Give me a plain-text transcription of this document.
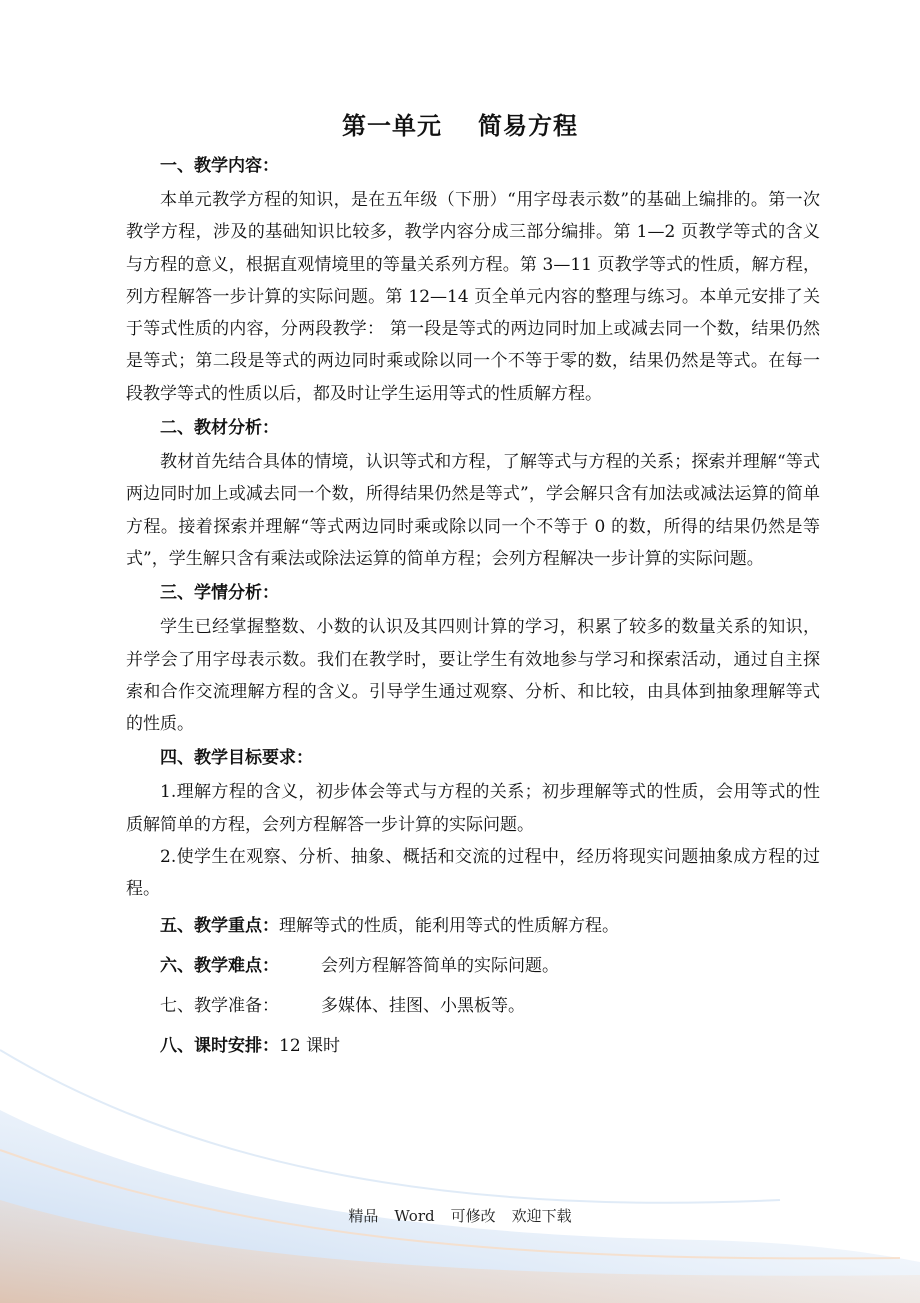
第一单元 简易方程
一、教学内容：

本单元教学方程的知识，是在五年级（下册）“用字母表示数”的基础上编排的。第一次教学方程，涉及的基础知识比较多，教学内容分成三部分编排。第 1—2 页教学等式的含义与方程的意义，根据直观情境里的等量关系列方程。第 3—11 页教学等式的性质，解方程，列方程解答一步计算的实际问题。第 12—14 页全单元内容的整理与练习。本单元安排了关于等式性质的内容，分两段教学： 第一段是等式的两边同时加上或减去同一个数，结果仍然是等式；第二段是等式的两边同时乘或除以同一个不等于零的数，结果仍然是等式。在每一段教学等式的性质以后，都及时让学生运用等式的性质解方程。

二、教材分析：

教材首先结合具体的情境，认识等式和方程，了解等式与方程的关系；探索并理解“等式两边同时加上或减去同一个数，所得结果仍然是等式”，学会解只含有加法或减法运算的简单方程。接着探索并理解“等式两边同时乘或除以同一个不等于 0 的数，所得的结果仍然是等式”，学生解只含有乘法或除法运算的简单方程；会列方程解决一步计算的实际问题。

三、学情分析：

学生已经掌握整数、小数的认识及其四则计算的学习，积累了较多的数量关系的知识，并学会了用字母表示数。我们在教学时，要让学生有效地参与学习和探索活动，通过自主探索和合作交流理解方程的含义。引导学生通过观察、分析、和比较，由具体到抽象理解等式的性质。

四、教学目标要求：

1.理解方程的含义，初步体会等式与方程的关系；初步理解等式的性质，会用等式的性质解简单的方程，会列方程解答一步计算的实际问题。

2.使学生在观察、分析、抽象、概括和交流的过程中，经历将现实问题抽象成方程的过程。

五、教学重点：理解等式的性质，能利用等式的性质解方程。
六、教学难点： 会列方程解答简单的实际问题。
七、教学准备： 多媒体、挂图、小黑板等。
八、课时安排：12 课时
精品 Word 可修改 欢迎下载
